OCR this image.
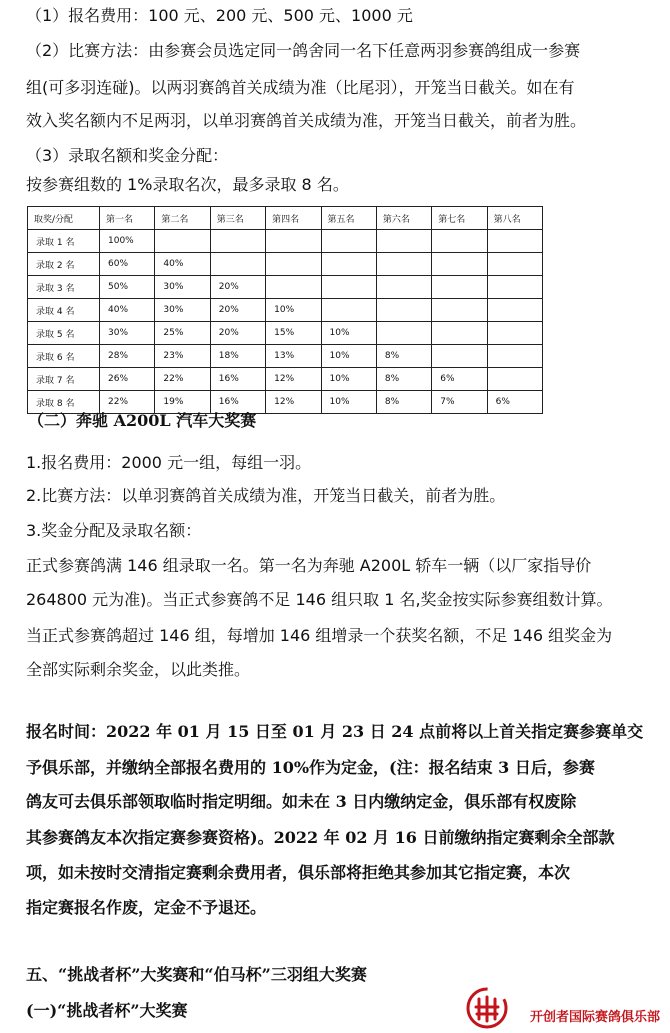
（1）报名费用：100 元、200 元、500 元、1000 元
（2）比赛方法：由参赛会员选定同一鸽舍同一名下任意两羽参赛鸽组成一参赛
组(可多羽连碰)。以两羽赛鸽首关成绩为准（比尾羽），开笼当日截关。如在有
效入奖名额内不足两羽，以单羽赛鸽首关成绩为准，开笼当日截关，前者为胜。
（3）录取名额和奖金分配：
按参赛组数的 1%录取名次，最多录取 8 名。
取奖/分配	第一名	第二名	第三名	第四名	第五名	第六名	第七名	第八名
录取 1 名	100%							
录取 2 名	60%	40%						
录取 3 名	50%	30%	20%					
录取 4 名	40%	30%	20%	10%				
录取 5 名	30%	25%	20%	15%	10%			
录取 6 名	28%	23%	18%	13%	10%	8%		
录取 7 名	26%	22%	16%	12%	10%	8%	6%	
录取 8 名	22%	19%	16%	12%	10%	8%	7%	6%
（二）奔驰 A200L 汽车大奖赛
1.报名费用：2000 元一组，每组一羽。
2.比赛方法：以单羽赛鸽首关成绩为准，开笼当日截关，前者为胜。
3.奖金分配及录取名额：
正式参赛鸽满 146 组录取一名。第一名为奔驰 A200L 轿车一辆（以厂家指导价
264800 元为准)。当正式参赛鸽不足 146 组只取 1 名,奖金按实际参赛组数计算。
当正式参赛鸽超过 146 组，每增加 146 组增录一个获奖名额，不足 146 组奖金为
全部实际剩余奖金，以此类推。
报名时间：2022 年 01 月 15 日至 01 月 23 日 24 点前将以上首关指定赛参赛单交
予俱乐部，并缴纳全部报名费用的 10%作为定金，(注：报名结束 3 日后，参赛
鸽友可去俱乐部领取临时指定明细。如未在 3 日内缴纳定金，俱乐部有权废除
其参赛鸽友本次指定赛参赛资格)。2022 年 02 月 16 日前缴纳指定赛剩余全部款
项，如未按时交清指定赛剩余费用者，俱乐部将拒绝其参加其它指定赛，本次
指定赛报名作废，定金不予退还。
五、“挑战者杯”大奖赛和“伯马杯”三羽组大奖赛
(一)“挑战者杯”大奖赛	开创者国际赛鸽俱乐部
